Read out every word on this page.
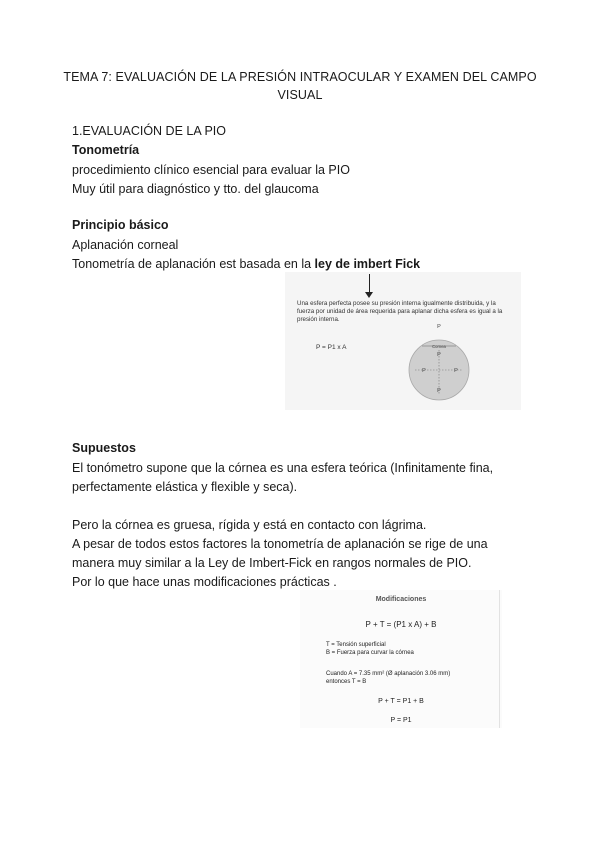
TEMA 7: EVALUACIÓN DE LA PRESIÓN INTRAOCULAR Y EXAMEN DEL CAMPO
VISUAL
1.EVALUACIÓN DE LA PIO
Tonometría
procedimiento clínico esencial para evaluar la PIO
Muy útil para diagnóstico y tto. del glaucoma
Principio básico
Aplanación corneal
Tonometría de aplanación est basada en la ley de imbert Fick
Una esfera perfecta posee su presión interna igualmente distribuida, y la fuerza por unidad de área requerida para aplanar dicha esfera es igual a la presión interna.
P = P1 x A
P
Cornea
P
P	P
P
Supuestos
El tonómetro supone que la córnea es una esfera teórica (Infinitamente fina,
perfectamente elástica y flexible y seca).
Pero la córnea es gruesa, rígida y está en contacto con lágrima.
A pesar de todos estos factores la tonometría de aplanación se rige de una
manera muy similar a la Ley de Imbert-Fick en rangos normales de PIO.
Por lo que hace unas modificaciones prácticas .
Modificaciones
P + T = (P1 x A) + B
T = Tensión superficial
B = Fuerza para curvar la córnea
Cuando A = 7.35 mm² (Ø aplanación 3.06 mm)
entonces T = B
P + T = P1 + B
P = P1
